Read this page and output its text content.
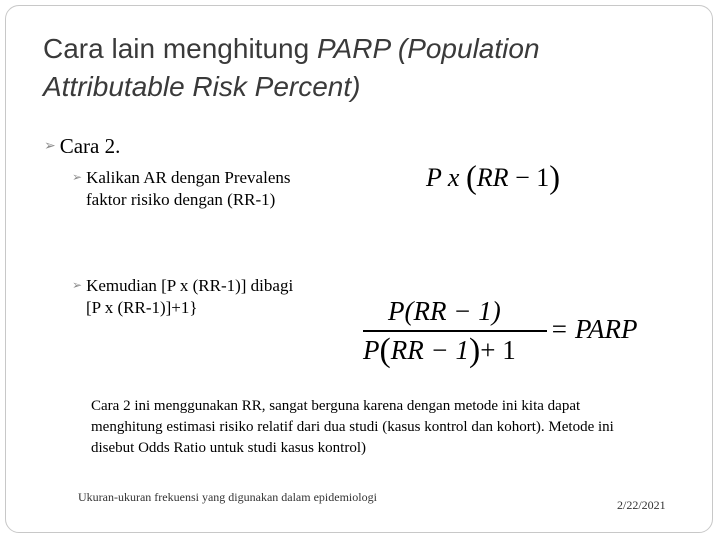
Cara lain menghitung PARP (Population
Attributable Risk Percent)
➢ Cara 2.
➢ Kalikan AR dengan Prevalens
faktor risiko dengan (RR-1)
➢ Kemudian [P x (RR-1)] dibagi
[P x (RR-1)]+1}
P x (RR − 1)
P(RR − 1)
P(RR − 1)+ 1
= PARP
Cara 2 ini menggunakan RR, sangat berguna karena dengan metode ini kita dapat menghitung estimasi risiko relatif dari dua studi (kasus kontrol dan kohort). Metode ini disebut Odds Ratio untuk studi kasus kontrol)
Ukuran-ukuran frekuensi yang digunakan dalam epidemiologi
2/22/2021
